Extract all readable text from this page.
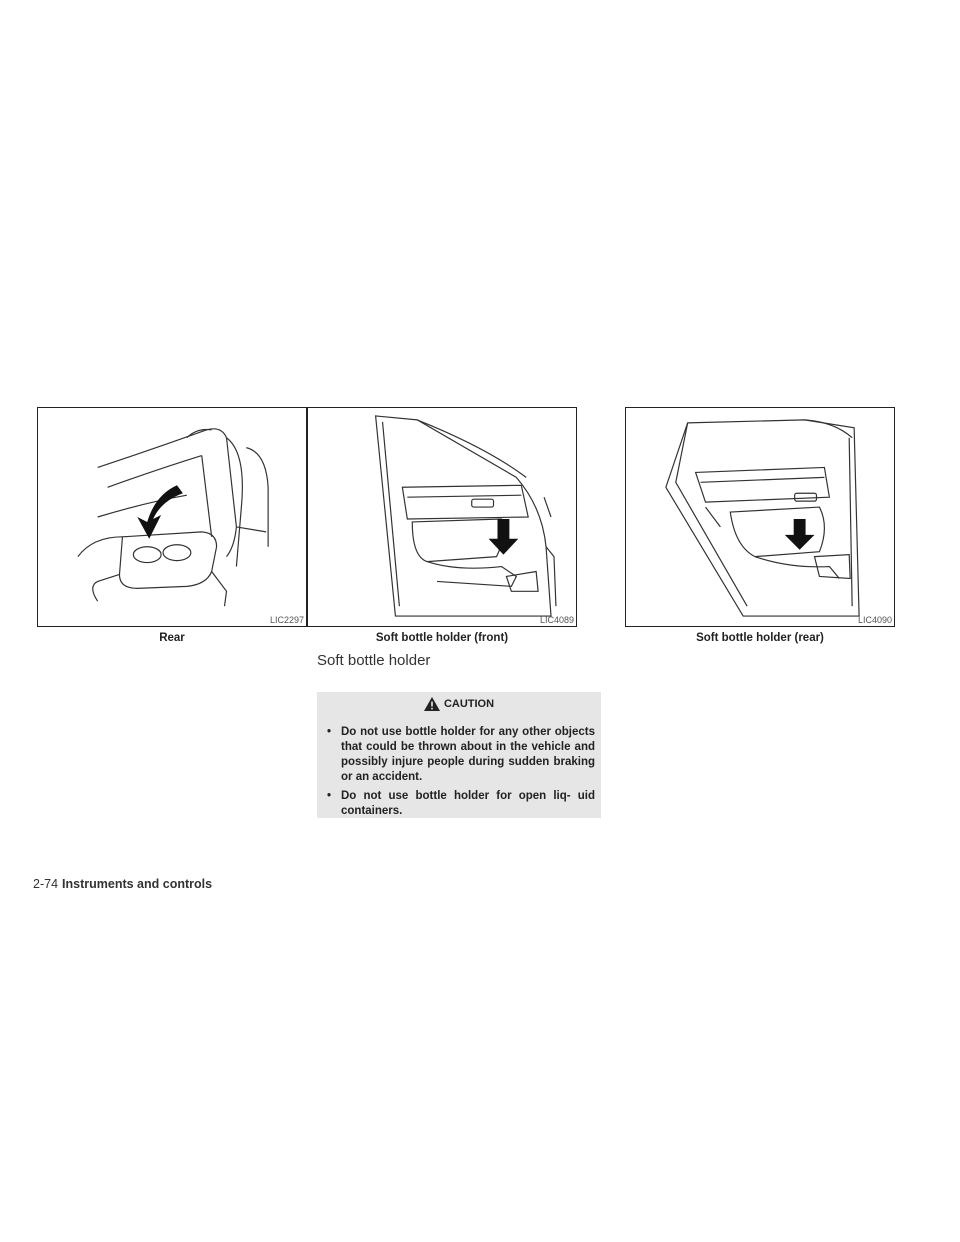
LIC2297
Rear
LIC4089
Soft bottle holder (front)
LIC4090
Soft bottle holder (rear)
Soft bottle holder
CAUTION
• Do not use bottle holder for any other objects that could be thrown about in the vehicle and possibly injure people during sudden braking or an accident.
• Do not use bottle holder for open liq- uid containers.
2-74 Instruments and controls
